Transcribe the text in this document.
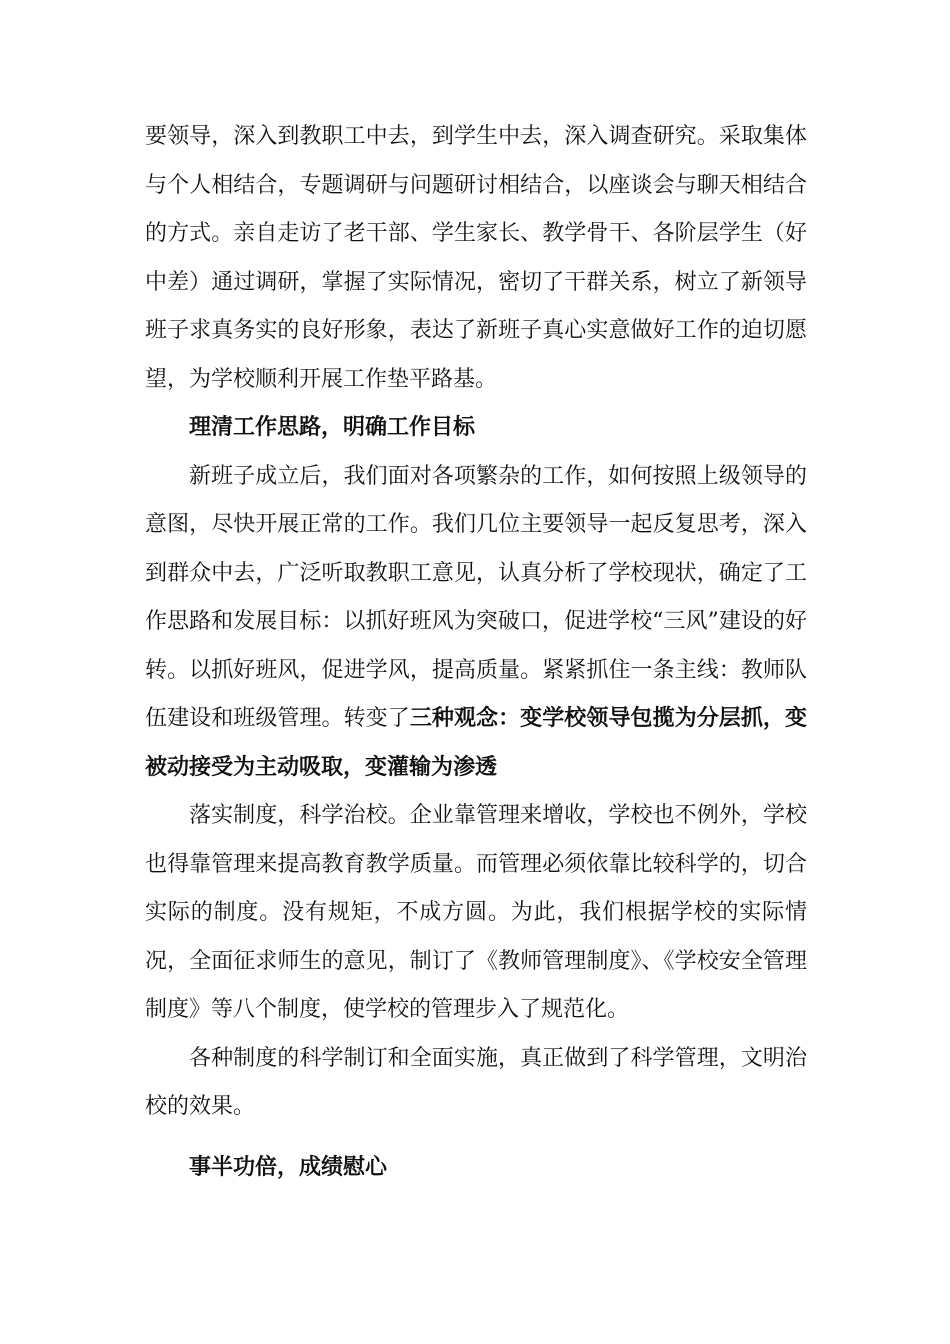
要领导，深入到教职工中去，到学生中去，深入调查研究。采取集体与个人相结合，专题调研与问题研讨相结合，以座谈会与聊天相结合的方式。亲自走访了老干部、学生家长、教学骨干、各阶层学生（好中差）通过调研，掌握了实际情况，密切了干群关系，树立了新领导班子求真务实的良好形象，表达了新班子真心实意做好工作的迫切愿望，为学校顺利开展工作垫平路基。

理清工作思路，明确工作目标

新班子成立后，我们面对各项繁杂的工作，如何按照上级领导的意图，尽快开展正常的工作。我们几位主要领导一起反复思考，深入到群众中去，广泛听取教职工意见，认真分析了学校现状，确定了工作思路和发展目标：以抓好班风为突破口，促进学校“三风”建设的好转。以抓好班风，促进学风，提高质量。紧紧抓住一条主线：教师队伍建设和班级管理。转变了三种观念：变学校领导包揽为分层抓，变被动接受为主动吸取，变灌输为渗透

落实制度，科学治校。企业靠管理来增收，学校也不例外，学校也得靠管理来提高教育教学质量。而管理必须依靠比较科学的，切合实际的制度。没有规矩，不成方圆。为此，我们根据学校的实际情况，全面征求师生的意见，制订了《教师管理制度》、《学校安全管理制度》等八个制度，使学校的管理步入了规范化。

各种制度的科学制订和全面实施，真正做到了科学管理，文明治校的效果。

事半功倍，成绩慰心
